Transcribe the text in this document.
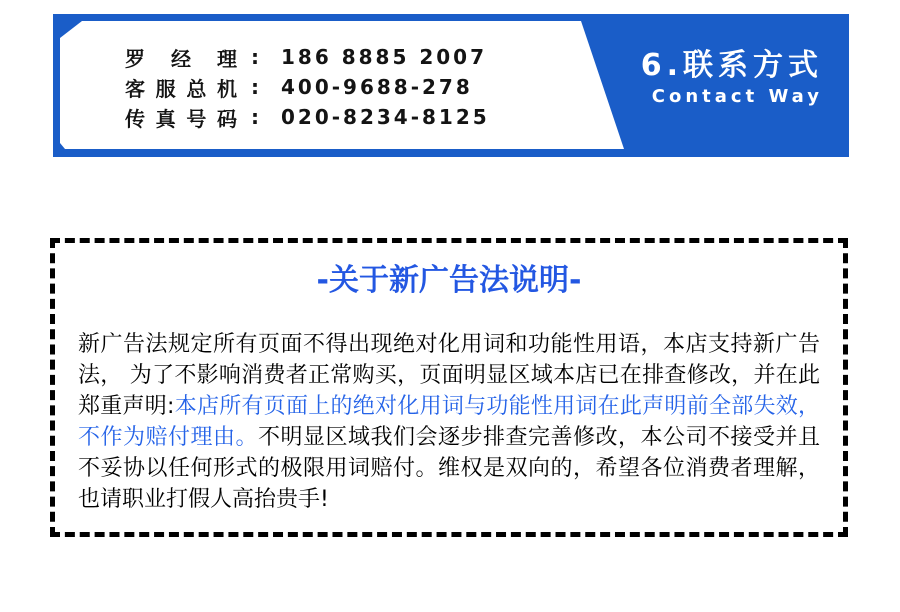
罗经理 : 186 8885 2007
客服总机 : 400-9688-278
传真号码 : 020-8234-8125
6.联系方式
Contact Way
-关于新广告法说明-
新广告法规定所有页面不得出现绝对化用词和功能性用语，本店支持新广告法， 为了不影响消费者正常购买，页面明显区域本店已在排查修改，并在此郑重声明:本店所有页面上的绝对化用词与功能性用词在此声明前全部失效，不作为赔付理由。不明显区域我们会逐步排查完善修改，本公司不接受并且不妥协以任何形式的极限用词赔付。维权是双向的，希望各位消费者理解，也请职业打假人高抬贵手!
